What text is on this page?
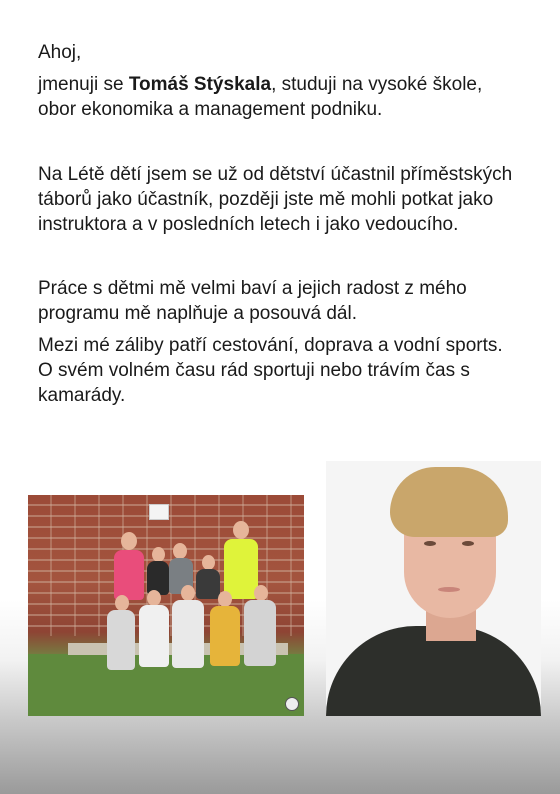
Ahoj,

jmenuji se Tomáš Stýskala, studuji na vysoké škole, obor ekonomika a management podniku.

Na Létě dětí jsem se už od dětství účastnil příměstských táborů jako účastník, později jste mě mohli potkat jako instruktora a v posledních letech i jako vedoucího.

Práce s dětmi mě velmi baví a jejich radost z mého programu mě naplňuje a posouvá dál.

Mezi mé záliby patří cestování, doprava a vodní sports. O svém volném času rád sportuji nebo trávím čas s kamarády.
